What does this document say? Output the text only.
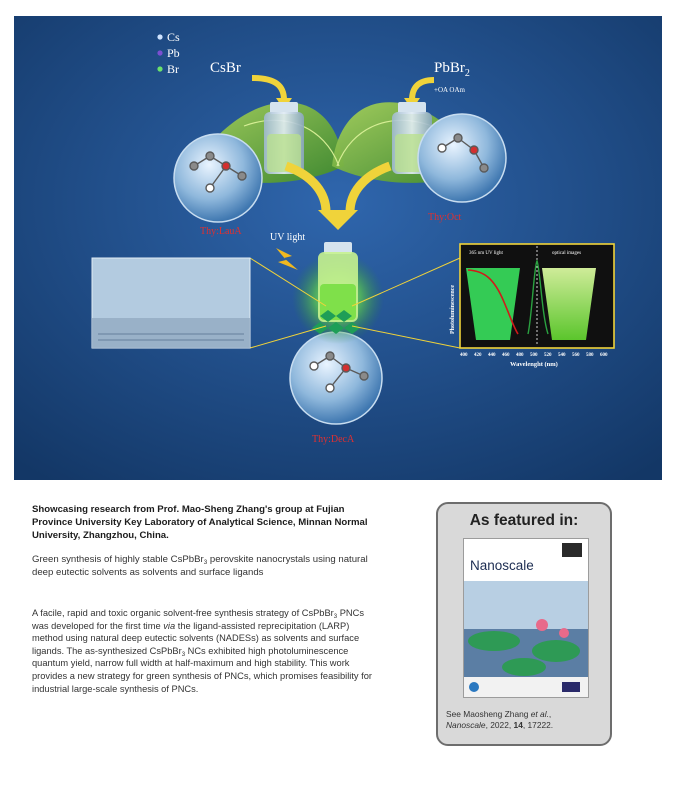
Cs
Pb
Br CsBr	PbBr$_2$
+OA OAm
Thy:LauA
Thy:Oct
Thy:DecA
UV light
365 nm UV light	optical images
Photoluminescence
400 420 440 460 480 500 520 540 560 580 600
Wavelenght (nm)
Showcasing research from Prof. Mao-Sheng Zhang's group at Fujian Province University Key Laboratory of Analytical Science, Minnan Normal University, Zhangzhou, China.
Green synthesis of highly stable CsPbBr$_3$ perovskite nanocrystals using natural deep eutectic solvents as solvents and surface ligands
A facile, rapid and toxic organic solvent-free synthesis strategy of CsPbBr$_3$ PNCs was developed for the first time via the ligand-assisted reprecipitation (LARP) method using natural deep eutectic solvents (NADESs) as solvents and surface ligands. The as-synthesized CsPbBr$_3$ NCs exhibited high photoluminescence quantum yield, narrow full width at half-maximum and high stability. This work provides a new strategy for green synthesis of PNCs, which promises feasibility for industrial large-scale synthesis of PNCs.
As featured in:
Nanoscale
See Maosheng Zhang et al.,
Nanoscale, 2022, 14, 17222.
